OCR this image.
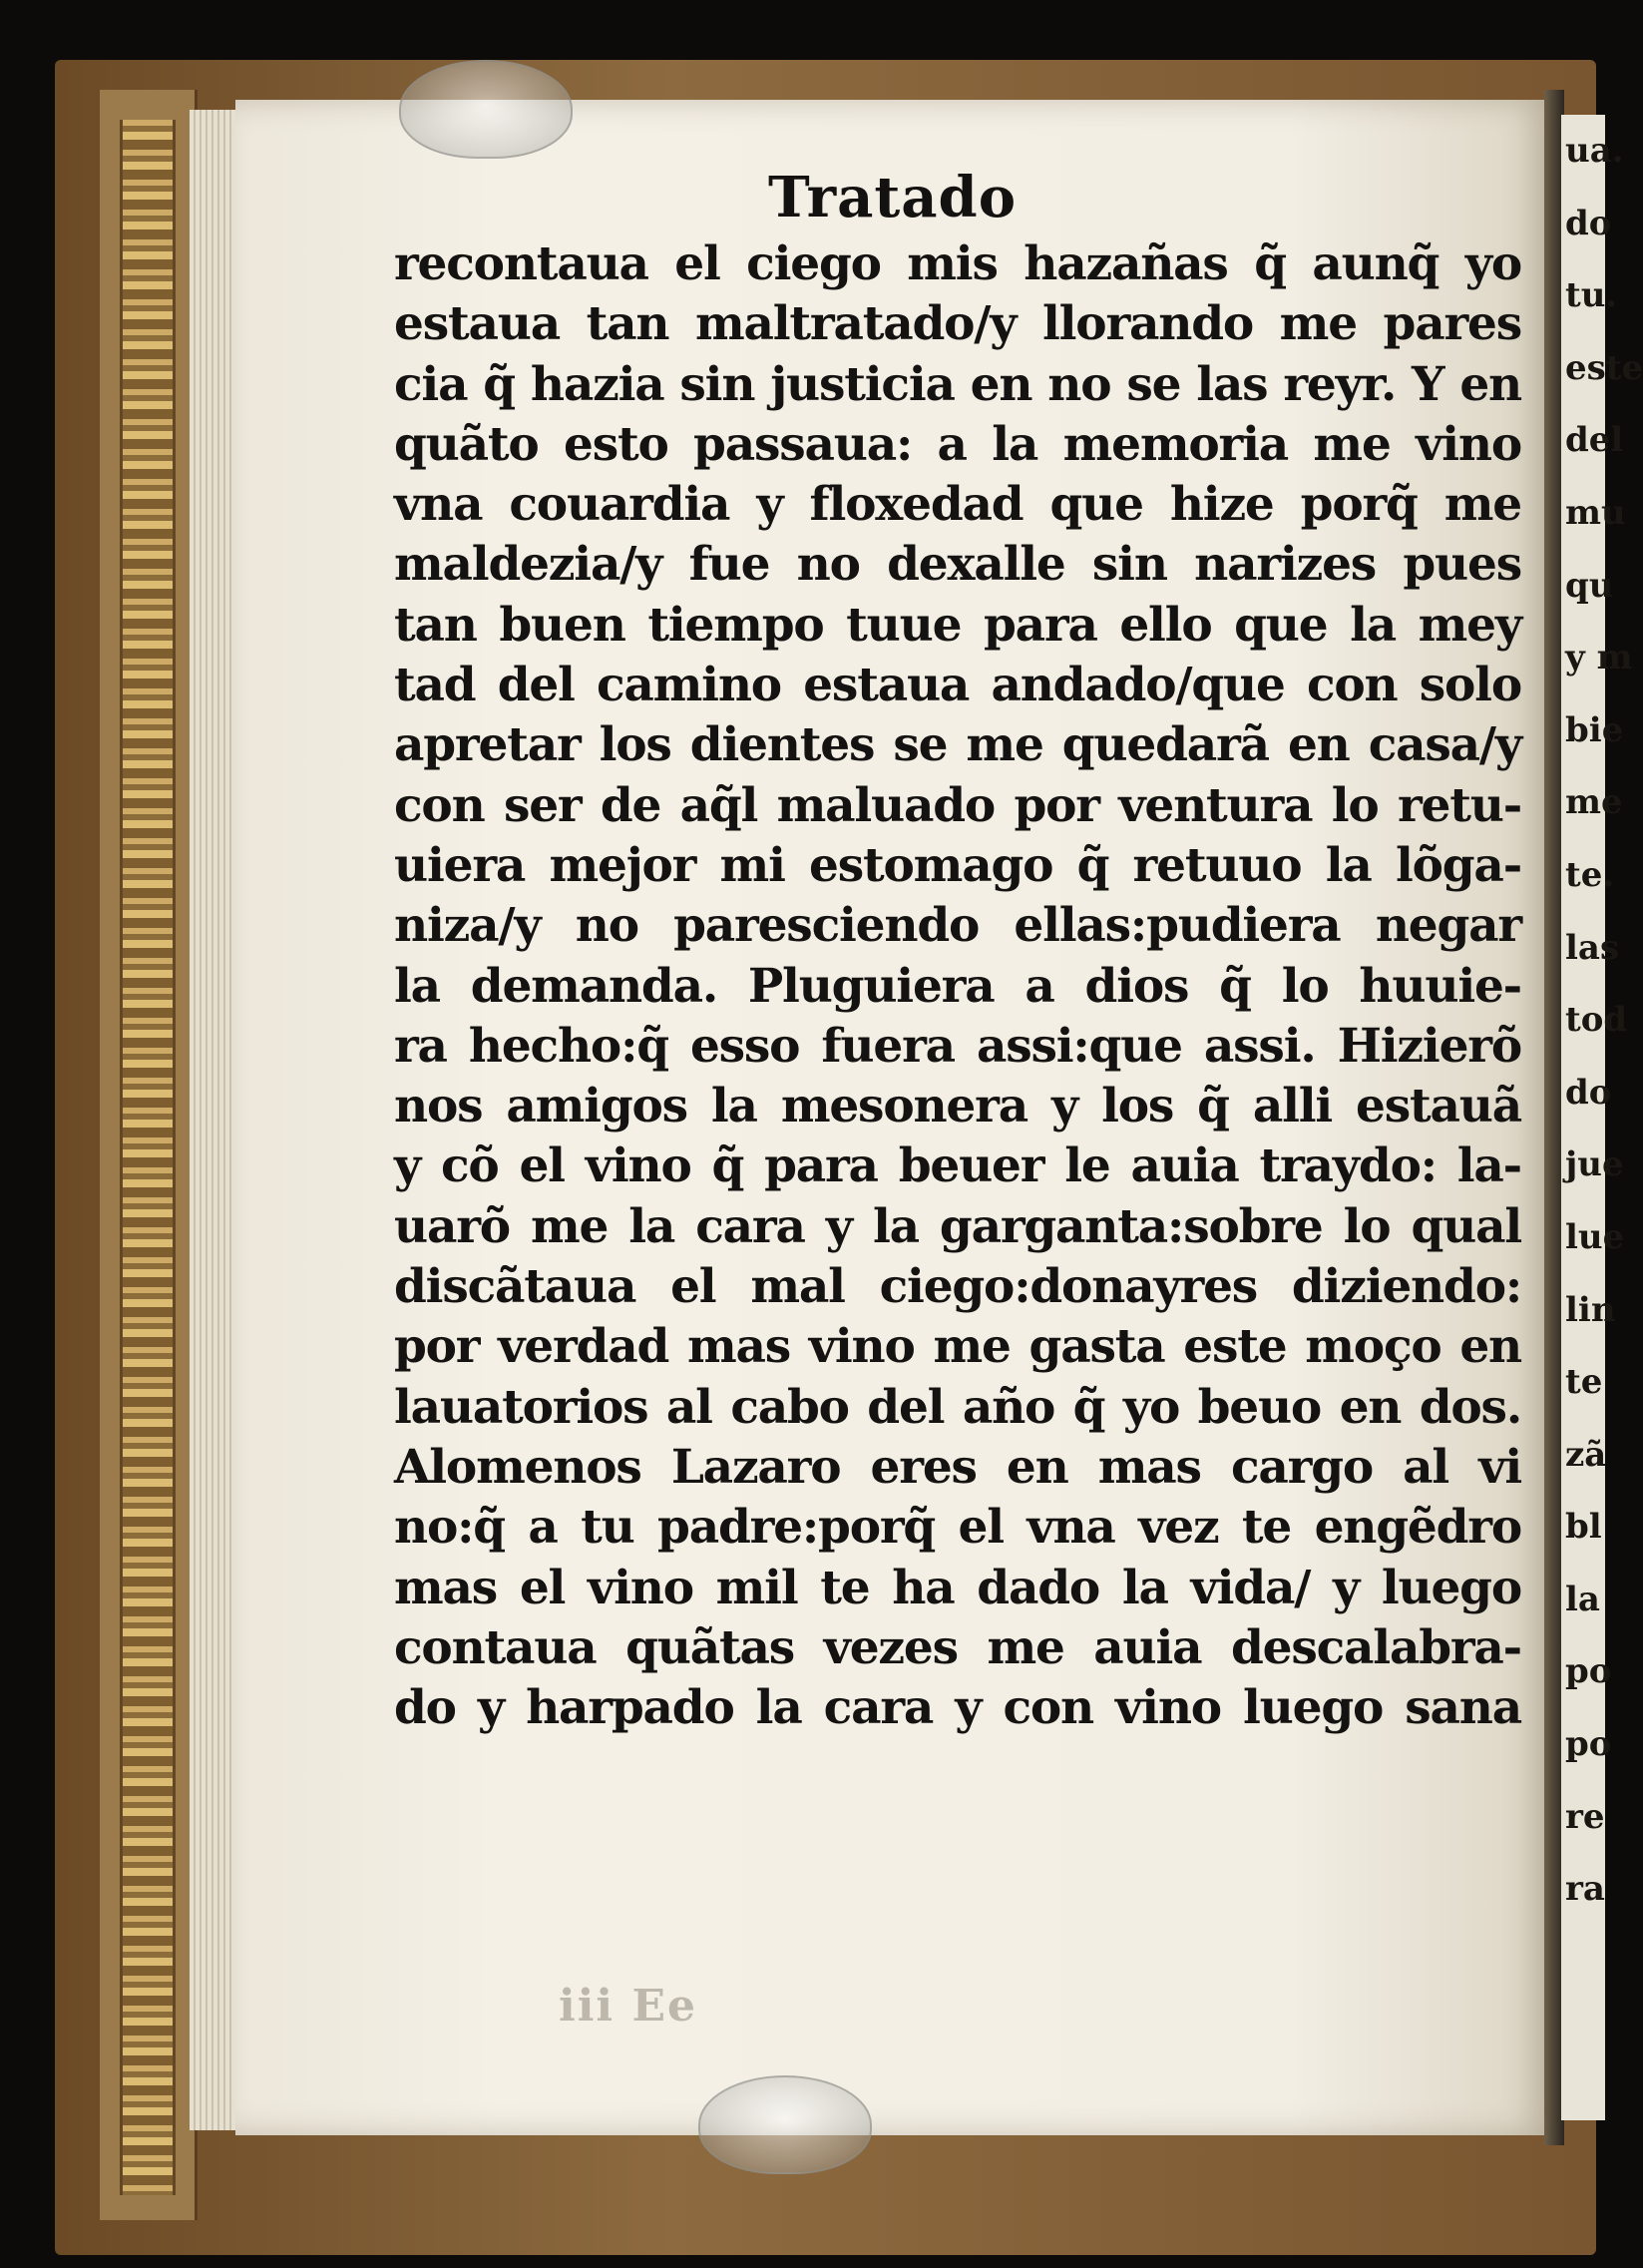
ua.
do
tu.
este
del
mu
qu
y m
bie
me
te.
las
tod
do
jue
lue
lin
te
zã
bl
la
po
po
re
ra
Tratado
recontaua el ciego mis hazañas q̃ aunq̃ yo
estaua tan maltratado/y llorando me pares
cia q̃ hazia sin justicia en no se las reyr. Y en
quãto esto passaua: a la memoria me vino
vna couardia y floxedad que hize porq̃ me
maldezia/y fue no dexalle sin narizes pues
tan buen tiempo tuue para ello que la mey
tad del camino estaua andado/que con solo
apretar los dientes se me quedarã en casa/y
con ser de aq̃l maluado por ventura lo retu-
uiera mejor mi estomago q̃ retuuo la lõga-
niza/y no paresciendo ellas:pudiera negar
la demanda. Pluguiera a dios q̃ lo huuie-
ra hecho:q̃ esso fuera assi:que assi. Hizierõ
nos amigos la mesonera y los q̃ alli estauã
y cõ el vino q̃ para beuer le auia traydo: la-
uarõ me la cara y la garganta:sobre lo qual
discãtaua el mal ciego:donayres diziendo:
por verdad mas vino me gasta este moço en
lauatorios al cabo del año q̃ yo beuo en dos.
Alomenos Lazaro eres en mas cargo al vi
no:q̃ a tu padre:porq̃ el vna vez te engẽdro
mas el vino mil te ha dado la vida/ y luego
contaua quãtas vezes me auia descalabra-
do y harpado la cara y con vino luego sana
iii Ee
